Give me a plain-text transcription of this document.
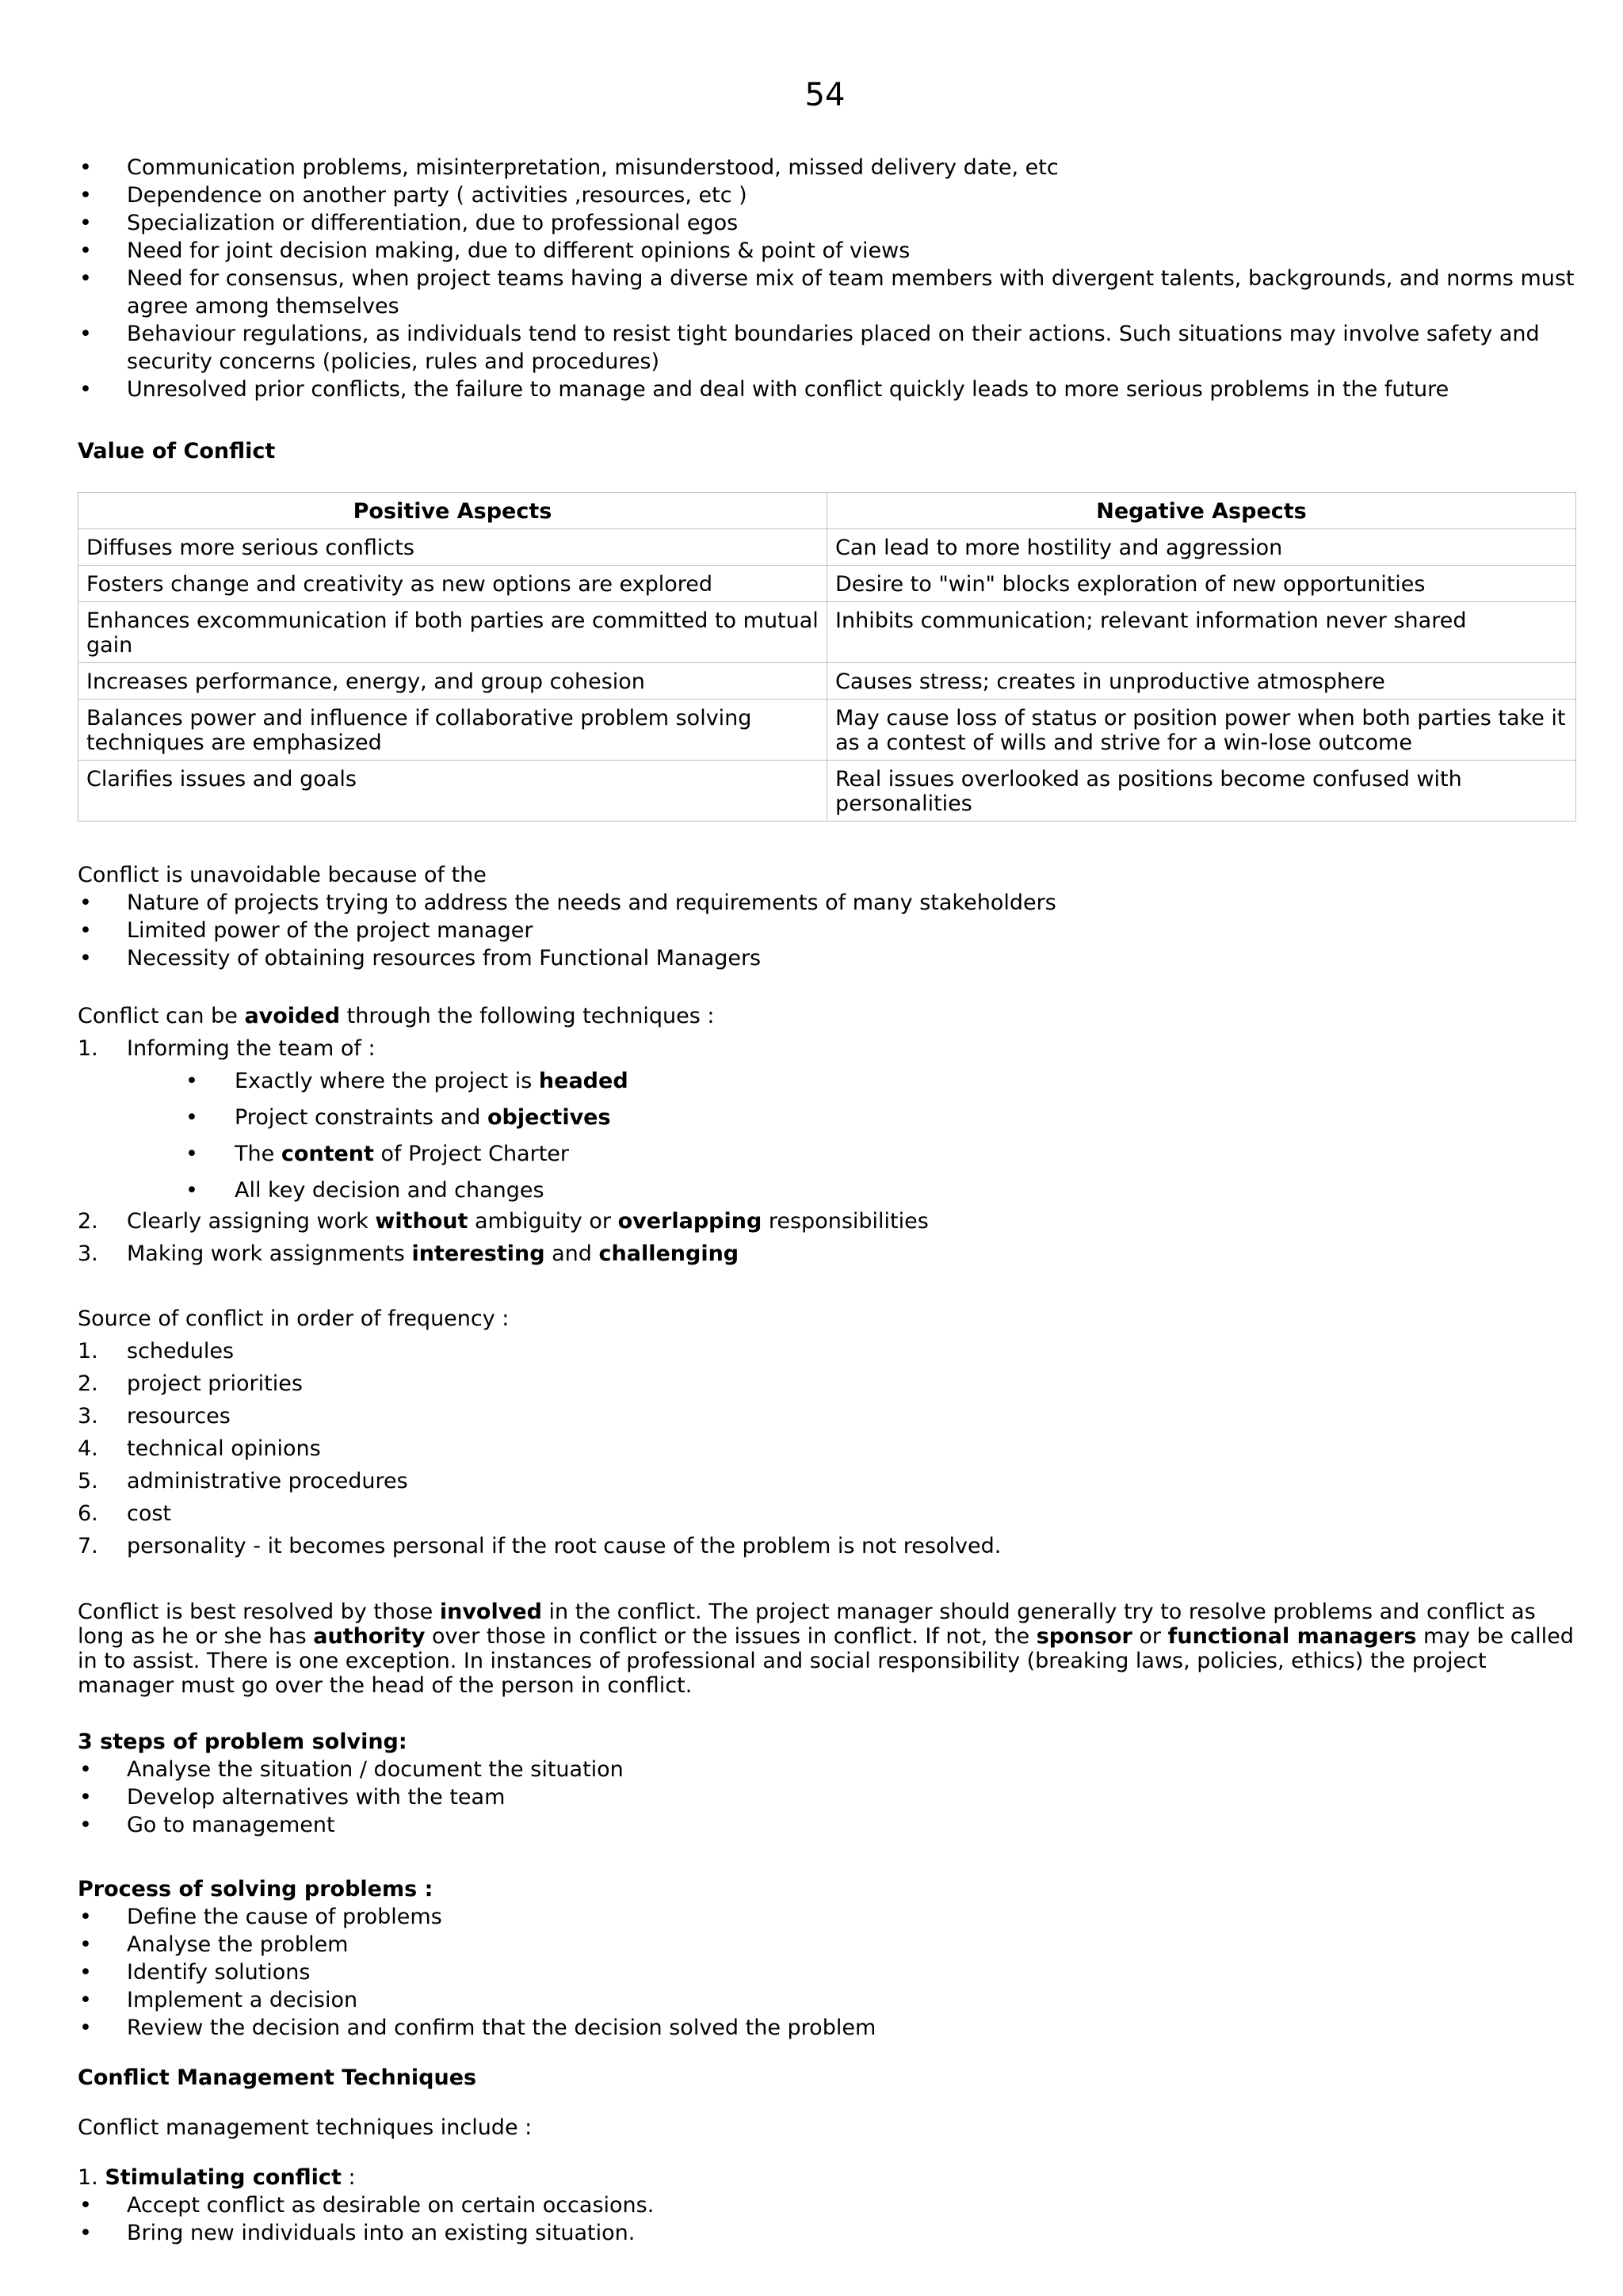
54
• Communication problems, misinterpretation, misunderstood, missed delivery date, etc
• Dependence on another party ( activities ,resources, etc )
• Specialization or differentiation, due to professional egos
• Need for joint decision making, due to different opinions & point of views
• Need for consensus, when project teams having a diverse mix of team members with divergent talents, backgrounds, and norms must agree among themselves
• Behaviour regulations, as individuals tend to resist tight boundaries placed on their actions. Such situations may involve safety and security concerns (policies, rules and procedures)
• Unresolved prior conflicts, the failure to manage and deal with conflict quickly leads to more serious problems in the future
Value of Conflict
Positive Aspects	Negative Aspects
Diffuses more serious conflicts	Can lead to more hostility and aggression
Fosters change and creativity as new options are explored	Desire to "win" blocks exploration of new opportunities
Enhances excommunication if both parties are committed to mutual gain	Inhibits communication; relevant information never shared
Increases performance, energy, and group cohesion	Causes stress; creates in unproductive atmosphere
Balances power and influence if collaborative problem solving techniques are emphasized	May cause loss of status or position power when both parties take it as a contest of wills and strive for a win-lose outcome
Clarifies issues and goals	Real issues overlooked as positions become confused with personalities
Conflict is unavoidable because of the
• Nature of projects trying to address the needs and requirements of many stakeholders
• Limited power of the project manager
• Necessity of obtaining resources from Functional Managers
Conflict can be avoided through the following techniques :
1. Informing the team of :
• Exactly where the project is headed
• Project constraints and objectives
• The content of Project Charter
• All key decision and changes
2. Clearly assigning work without ambiguity or overlapping responsibilities
3. Making work assignments interesting and challenging
Source of conflict in order of frequency :
1. schedules
2. project priorities
3. resources
4. technical opinions
5. administrative procedures
6. cost
7. personality - it becomes personal if the root cause of the problem is not resolved.

Conflict is best resolved by those involved in the conflict. The project manager should generally try to resolve problems and conflict as long as he or she has authority over those in conflict or the issues in conflict. If not, the sponsor or functional managers may be called in to assist. There is one exception. In instances of professional and social responsibility (breaking laws, policies, ethics) the project manager must go over the head of the person in conflict.

3 steps of problem solving:
• Analyse the situation / document the situation
• Develop alternatives with the team
• Go to management
Process of solving problems :
• Define the cause of problems
• Analyse the problem
• Identify solutions
• Implement a decision
• Review the decision and confirm that the decision solved the problem
Conflict Management Techniques
Conflict management techniques include :
1. Stimulating conflict :
• Accept conflict as desirable on certain occasions.
• Bring new individuals into an existing situation.
